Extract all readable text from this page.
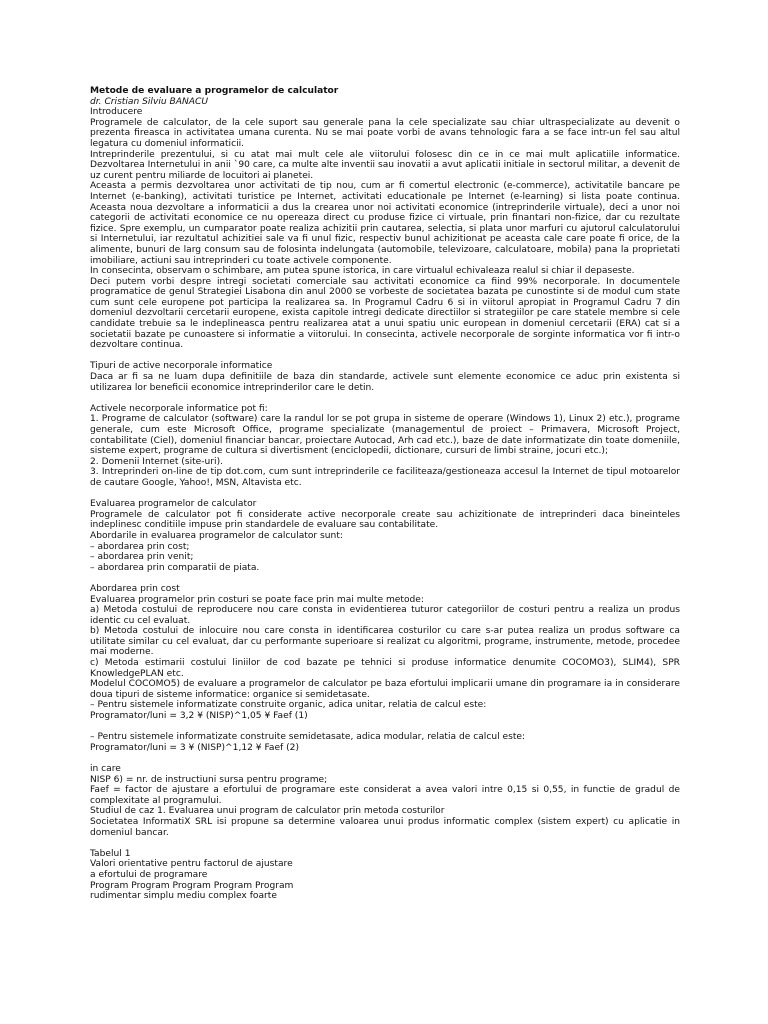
Metode de evaluare a programelor de calculator

dr. Cristian Silviu BANACU

Introducere

Programele de calculator, de la cele suport sau generale pana la cele specializate sau chiar ultraspecializate au devenit o prezenta fireasca in activitatea umana curenta. Nu se mai poate vorbi de avans tehnologic fara a se face intr-un fel sau altul legatura cu domeniul informaticii.

Intreprinderile prezentului, si cu atat mai mult cele ale viitorului folosesc din ce in ce mai mult aplicatiile informatice. Dezvoltarea Internetului in anii `90 care, ca multe alte inventii sau inovatii a avut aplicatii initiale in sectorul militar, a devenit de uz curent pentru miliarde de locuitori ai planetei.

Aceasta a permis dezvoltarea unor activitati de tip nou, cum ar fi comertul electronic (e-commerce), activitatile bancare pe Internet (e-banking), activitati turistice pe Internet, activitati educationale pe Internet (e-learning) si lista poate continua. Aceasta noua dezvoltare a informaticii a dus la crearea unor noi activitati economice (intreprinderile virtuale), deci a unor noi categorii de activitati economice ce nu opereaza direct cu produse fizice ci virtuale, prin finantari non-fizice, dar cu rezultate fizice. Spre exemplu, un cumparator poate realiza achizitii prin cautarea, selectia, si plata unor marfuri cu ajutorul calculatorului si Internetului, iar rezultatul achizitiei sale va fi unul fizic, respectiv bunul achizitionat pe aceasta cale care poate fi orice, de la alimente, bunuri de larg consum sau de folosinta indelungata (automobile, televizoare, calculatoare, mobila) pana la proprietati imobiliare, actiuni sau intreprinderi cu toate activele componente.

In consecinta, observam o schimbare, am putea spune istorica, in care virtualul echivaleaza realul si chiar il depaseste.

Deci putem vorbi despre intregi societati comerciale sau activitati economice ca fiind 99% necorporale. In documentele programatice de genul Strategiei Lisabona din anul 2000 se vorbeste de societatea bazata pe cunostinte si de modul cum state cum sunt cele europene pot participa la realizarea sa. In Programul Cadru 6 si in viitorul apropiat in Programul Cadru 7 din domeniul dezvoltarii cercetarii europene, exista capitole intregi dedicate directiilor si strategiilor pe care statele membre si cele candidate trebuie sa le indeplineasca pentru realizarea atat a unui spatiu unic european in domeniul cercetarii (ERA) cat si a societatii bazate pe cunoastere si informatie a viitorului. In consecinta, activele necorporale de sorginte informatica vor fi intr-o dezvoltare continua.

Tipuri de active necorporale informatice

Daca ar fi sa ne luam dupa definitiile de baza din standarde, activele sunt elemente economice ce aduc prin existenta si utilizarea lor beneficii economice intreprinderilor care le detin.

Activele necorporale informatice pot fi:

1. Programe de calculator (software) care la randul lor se pot grupa in sisteme de operare (Windows 1), Linux 2) etc.), programe generale, cum este Microsoft Office, programe specializate (managementul de proiect – Primavera, Microsoft Project, contabilitate (Ciel), domeniul financiar bancar, proiectare Autocad, Arh cad etc.), baze de date informatizate din toate domeniile, sisteme expert, programe de cultura si divertisment (enciclopedii, dictionare, cursuri de limbi straine, jocuri etc.);

2. Domenii Internet (site-uri).

3. Intreprinderi on-line de tip dot.com, cum sunt intreprinderile ce faciliteaza/gestioneaza accesul la Internet de tipul motoarelor de cautare Google, Yahoo!, MSN, Altavista etc.

Evaluarea programelor de calculator

Programele de calculator pot fi considerate active necorporale create sau achizitionate de intreprinderi daca bineinteles indeplinesc conditiile impuse prin standardele de evaluare sau contabilitate.

Abordarile in evaluarea programelor de calculator sunt:

– abordarea prin cost;

– abordarea prin venit;

– abordarea prin comparatii de piata.

Abordarea prin cost

Evaluarea programelor prin costuri se poate face prin mai multe metode:

a) Metoda costului de reproducere nou care consta in evidentierea tuturor categoriilor de costuri pentru a realiza un produs identic cu cel evaluat.

b) Metoda costului de inlocuire nou care consta in identificarea costurilor cu care s-ar putea realiza un produs software ca utilitate similar cu cel evaluat, dar cu performante superioare si realizat cu algoritmi, programe, instrumente, metode, procedee mai moderne.

c) Metoda estimarii costului liniilor de cod bazate pe tehnici si produse informatice denumite COCOMO3), SLIM4), SPR KnowledgePLAN etc.

Modelul COCOMO5) de evaluare a programelor de calculator pe baza efortului implicarii umane din programare ia in considerare doua tipuri de sisteme informatice: organice si semidetasate.

– Pentru sistemele informatizate construite organic, adica unitar, relatia de calcul este:

Programator/luni = 3,2 ¥ (NISP)^1,05 ¥ Faef (1)

– Pentru sistemele informatizate construite semidetasate, adica modular, relatia de calcul este:

Programator/luni = 3 ¥ (NISP)^1,12 ¥ Faef (2)

in care

NISP 6) = nr. de instructiuni sursa pentru programe;

Faef = factor de ajustare a efortului de programare este considerat a avea valori intre 0,15 si 0,55, in functie de gradul de complexitate al programului.

Studiul de caz 1. Evaluarea unui program de calculator prin metoda costurilor

Societatea InformatiX SRL isi propune sa determine valoarea unui produs informatic complex (sistem expert) cu aplicatie in domeniul bancar.

Tabelul 1

Valori orientative pentru factorul de ajustare

a efortului de programare

Program Program Program Program Program

rudimentar simplu mediu complex foarte
